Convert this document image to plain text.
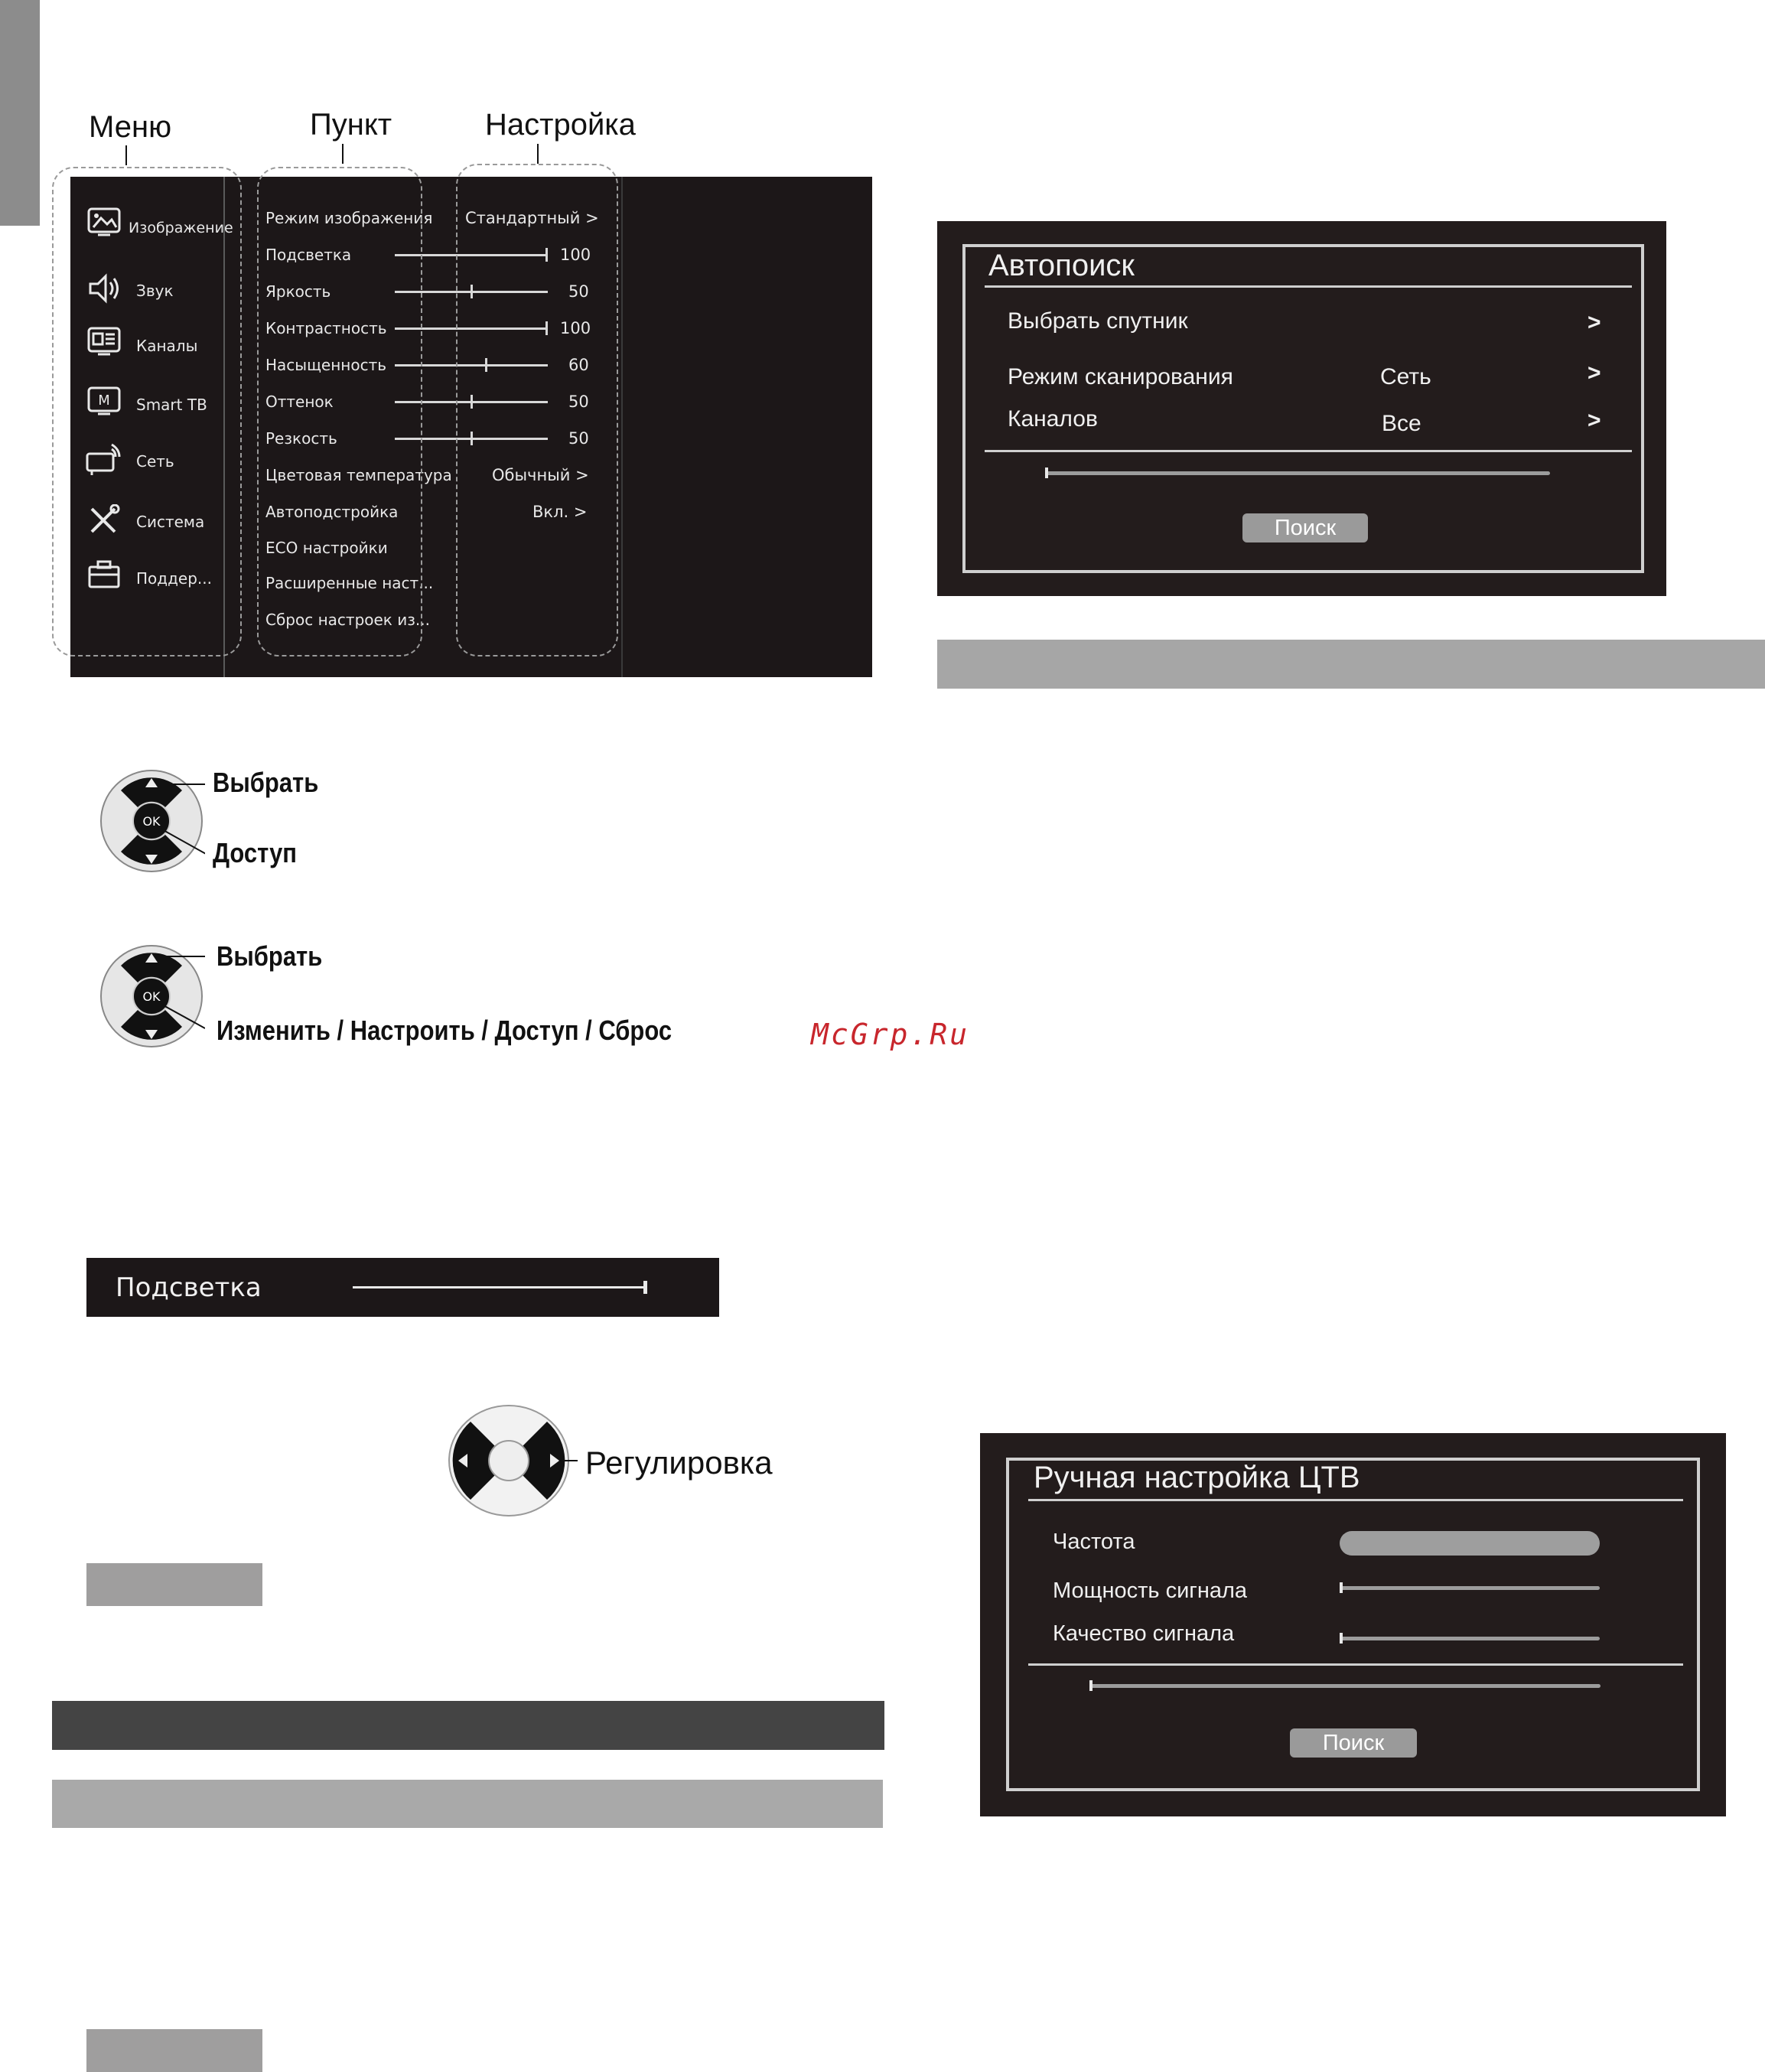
Меню	Пункт	Настройка
Изображение
Звук
Каналы
M Smart TB
Сеть
Система
Поддер...
Режим изображения Стандартный >
Подсветка	100
Яркость	50
Контрастность	100
Насыщенность	60
Оттенок	50
Резкость	50
Цветовая температура Обычный >
Автоподстройка	Вкл. >
ECO настройки
Расширенные наст...
Сброс настроек из...
OK
Выбрать
Доступ
OK
Выбрать
Изменить / Настроить / Доступ / Сброс	McGrp.Ru
Подсветка
Регулировка
Автопоиск
Выбрать спутник	>
Режим сканирования	Сеть	>
Каналов	Все	>
Поиск
Ручная настройка ЦТВ
Частота
Мощность сигнала
Качество сигнала
Поиск
